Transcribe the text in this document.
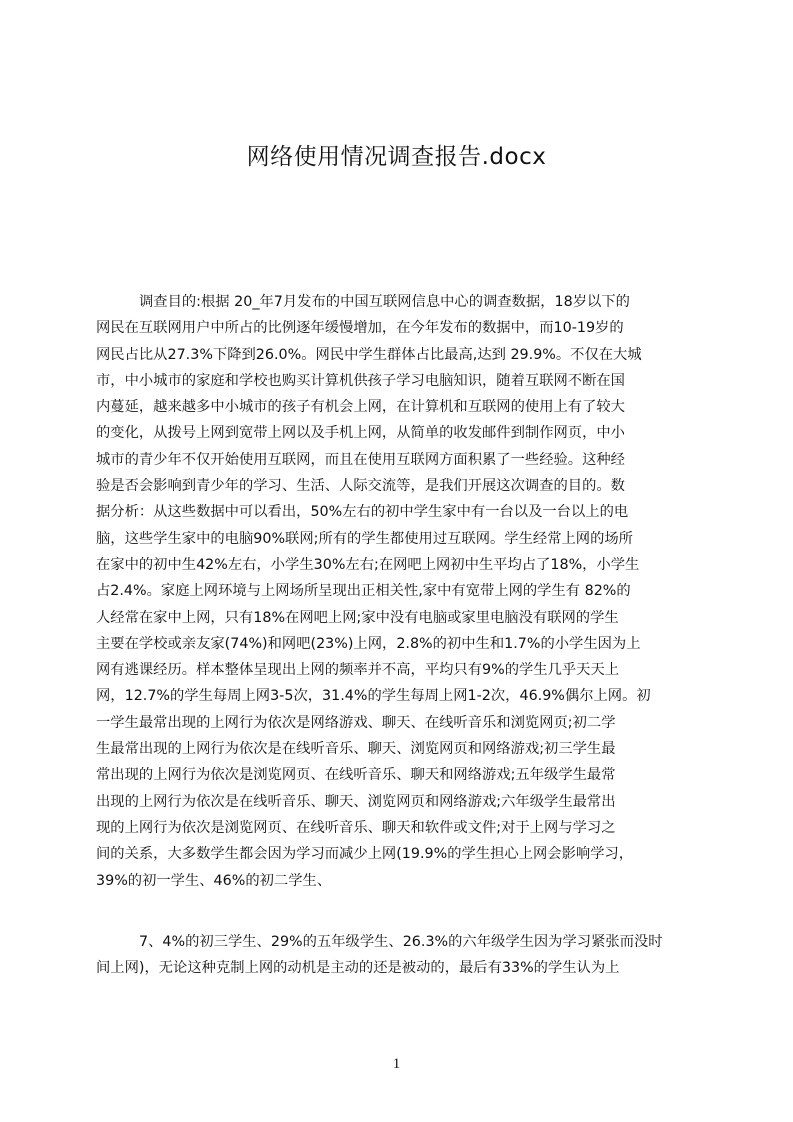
网络使用情况调查报告.docx
调查目的:根据 20_年7月发布的中国互联网信息中心的调查数据，18岁以下的
网民在互联网用户中所占的比例逐年缓慢增加，在今年发布的数据中，而10-19岁的
网民占比从27.3%下降到26.0%。网民中学生群体占比最高,达到 29.9%。不仅在大城
市，中小城市的家庭和学校也购买计算机供孩子学习电脑知识，随着互联网不断在国
内蔓延，越来越多中小城市的孩子有机会上网，在计算机和互联网的使用上有了较大
的变化，从拨号上网到宽带上网以及手机上网，从简单的收发邮件到制作网页，中小
城市的青少年不仅开始使用互联网，而且在使用互联网方面积累了一些经验。这种经
验是否会影响到青少年的学习、生活、人际交流等，是我们开展这次调查的目的。数
据分析：从这些数据中可以看出，50%左右的初中学生家中有一台以及一台以上的电
脑，这些学生家中的电脑90%联网;所有的学生都使用过互联网。学生经常上网的场所
在家中的初中生42%左右，小学生30%左右;在网吧上网初中生平均占了18%，小学生
占2.4%。家庭上网环境与上网场所呈现出正相关性,家中有宽带上网的学生有 82%的
人经常在家中上网，只有18%在网吧上网;家中没有电脑或家里电脑没有联网的学生
主要在学校或亲友家(74%)和网吧(23%)上网，2.8%的初中生和1.7%的小学生因为上
网有逃课经历。样本整体呈现出上网的频率并不高，平均只有9%的学生几乎天天上
网，12.7%的学生每周上网3-5次，31.4%的学生每周上网1-2次，46.9%偶尔上网。初
一学生最常出现的上网行为依次是网络游戏、聊天、在线听音乐和浏览网页;初二学
生最常出现的上网行为依次是在线听音乐、聊天、浏览网页和网络游戏;初三学生最
常出现的上网行为依次是浏览网页、在线听音乐、聊天和网络游戏;五年级学生最常
出现的上网行为依次是在线听音乐、聊天、浏览网页和网络游戏;六年级学生最常出
现的上网行为依次是浏览网页、在线听音乐、聊天和软件或文件;对于上网与学习之
间的关系，大多数学生都会因为学习而减少上网(19.9%的学生担心上网会影响学习，
39%的初一学生、46%的初二学生、
7、4%的初三学生、29%的五年级学生、26.3%的六年级学生因为学习紧张而没时
间上网)，无论这种克制上网的动机是主动的还是被动的，最后有33%的学生认为上
1
